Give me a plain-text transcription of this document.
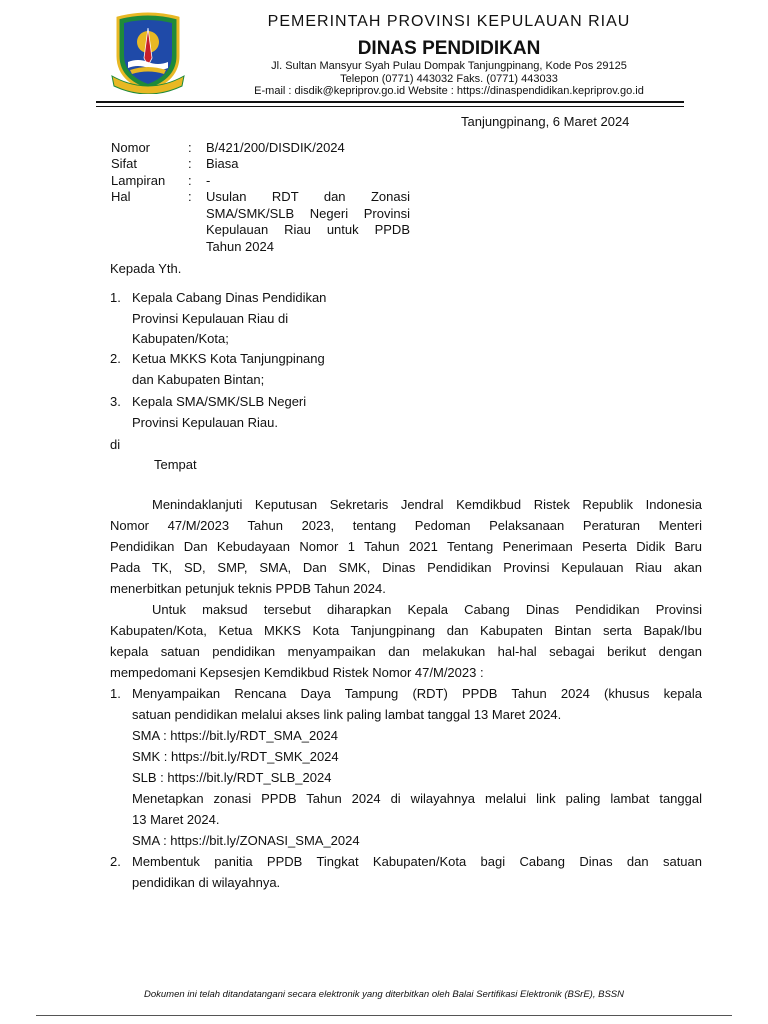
PEMERINTAH PROVINSI KEPULAUAN RIAU
DINAS PENDIDIKAN
Jl. Sultan Mansyur Syah Pulau Dompak Tanjungpinang, Kode Pos 29125
Telepon (0771) 443032 Faks. (0771) 443033
E-mail : disdik@kepriprov.go.id Website : https://dinaspendidikan.kepriprov.go.id
Tanjungpinang, 6 Maret 2024
Nomor	: B/421/200/DISDIK/2024
Sifat	: Biasa
Lampiran : -
Hal	: Usulan RDT dan Zonasi
SMA/SMK/SLB Negeri Provinsi
Kepulauan Riau untuk PPDB
Tahun 2024
Kepada Yth.
1. Kepala Cabang Dinas Pendidikan
Provinsi Kepulauan Riau di
Kabupaten/Kota;
2. Ketua MKKS Kota Tanjungpinang
dan Kabupaten Bintan;
3. Kepala SMA/SMK/SLB Negeri
Provinsi Kepulauan Riau.
di
Tempat
Menindaklanjuti Keputusan Sekretaris Jendral Kemdikbud Ristek Republik Indonesia
Nomor 47/M/2023 Tahun 2023, tentang Pedoman Pelaksanaan Peraturan Menteri
Pendidikan Dan Kebudayaan Nomor 1 Tahun 2021 Tentang Penerimaan Peserta Didik Baru
Pada TK, SD, SMP, SMA, Dan SMK, Dinas Pendidikan Provinsi Kepulauan Riau akan
menerbitkan petunjuk teknis PPDB Tahun 2024.
Untuk maksud tersebut diharapkan Kepala Cabang Dinas Pendidikan Provinsi
Kabupaten/Kota, Ketua MKKS Kota Tanjungpinang dan Kabupaten Bintan serta Bapak/Ibu
kepala satuan pendidikan menyampaikan dan melakukan hal-hal sebagai berikut dengan
mempedomani Kepsesjen Kemdikbud Ristek Nomor 47/M/2023 :
1. Menyampaikan Rencana Daya Tampung (RDT) PPDB Tahun 2024 (khusus kepala
satuan pendidikan melalui akses link paling lambat tanggal 13 Maret 2024.
SMA : https://bit.ly/RDT_SMA_2024
SMK : https://bit.ly/RDT_SMK_2024
SLB : https://bit.ly/RDT_SLB_2024
Menetapkan zonasi PPDB Tahun 2024 di wilayahnya melalui link paling lambat tanggal
13 Maret 2024.
SMA : https://bit.ly/ZONASI_SMA_2024
2. Membentuk panitia PPDB Tingkat Kabupaten/Kota bagi Cabang Dinas dan satuan
pendidikan di wilayahnya.
Dokumen ini telah ditandatangani secara elektronik yang diterbitkan oleh Balai Sertifikasi Elektronik (BSrE), BSSN
